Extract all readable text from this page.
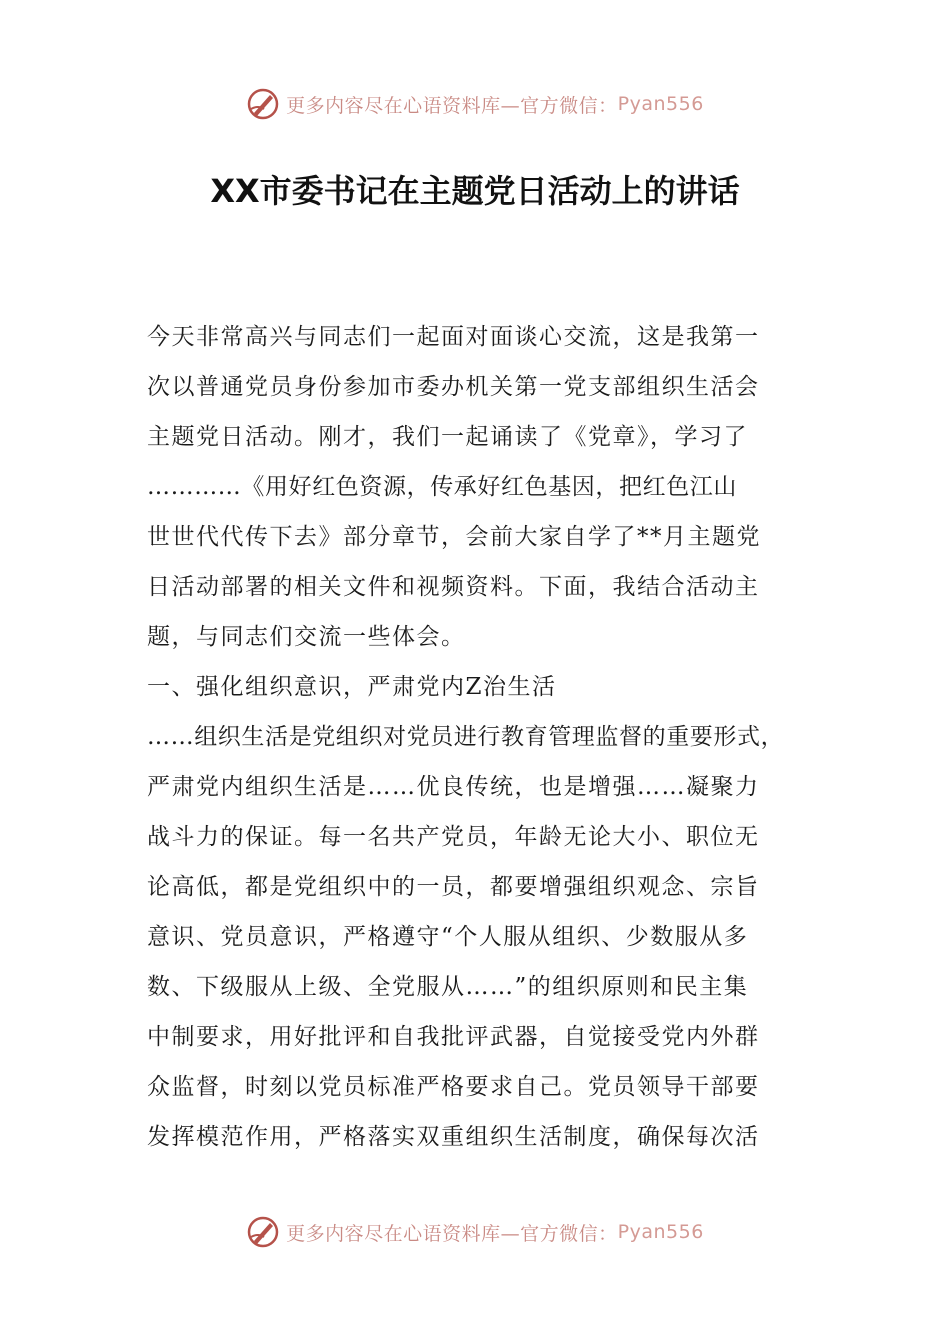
更多内容尽在心语资料库—官方微信： Pyan556
XX市委书记在主题党日活动上的讲话
今天非常高兴与同志们一起面对面谈心交流，这是我第一
次以普通党员身份参加市委办机关第一党支部组织生活会
主题党日活动。刚才，我们一起诵读了《党章》，学习了
…………《用好红色资源，传承好红色基因，把红色江山
世世代代传下去》部分章节，会前大家自学了**月主题党
日活动部署的相关文件和视频资料。下面，我结合活动主
题，与同志们交流一些体会。
一、强化组织意识，严肃党内Z治生活
……组织生活是党组织对党员进行教育管理监督的重要形式，
严肃党内组织生活是……优良传统，也是增强……凝聚力
战斗力的保证。每一名共产党员，年龄无论大小、职位无
论高低，都是党组织中的一员，都要增强组织观念、宗旨
意识、党员意识，严格遵守“个人服从组织、少数服从多
数、下级服从上级、全党服从……”的组织原则和民主集
中制要求，用好批评和自我批评武器，自觉接受党内外群
众监督，时刻以党员标准严格要求自己。党员领导干部要
发挥模范作用，严格落实双重组织生活制度，确保每次活
更多内容尽在心语资料库—官方微信： Pyan556
